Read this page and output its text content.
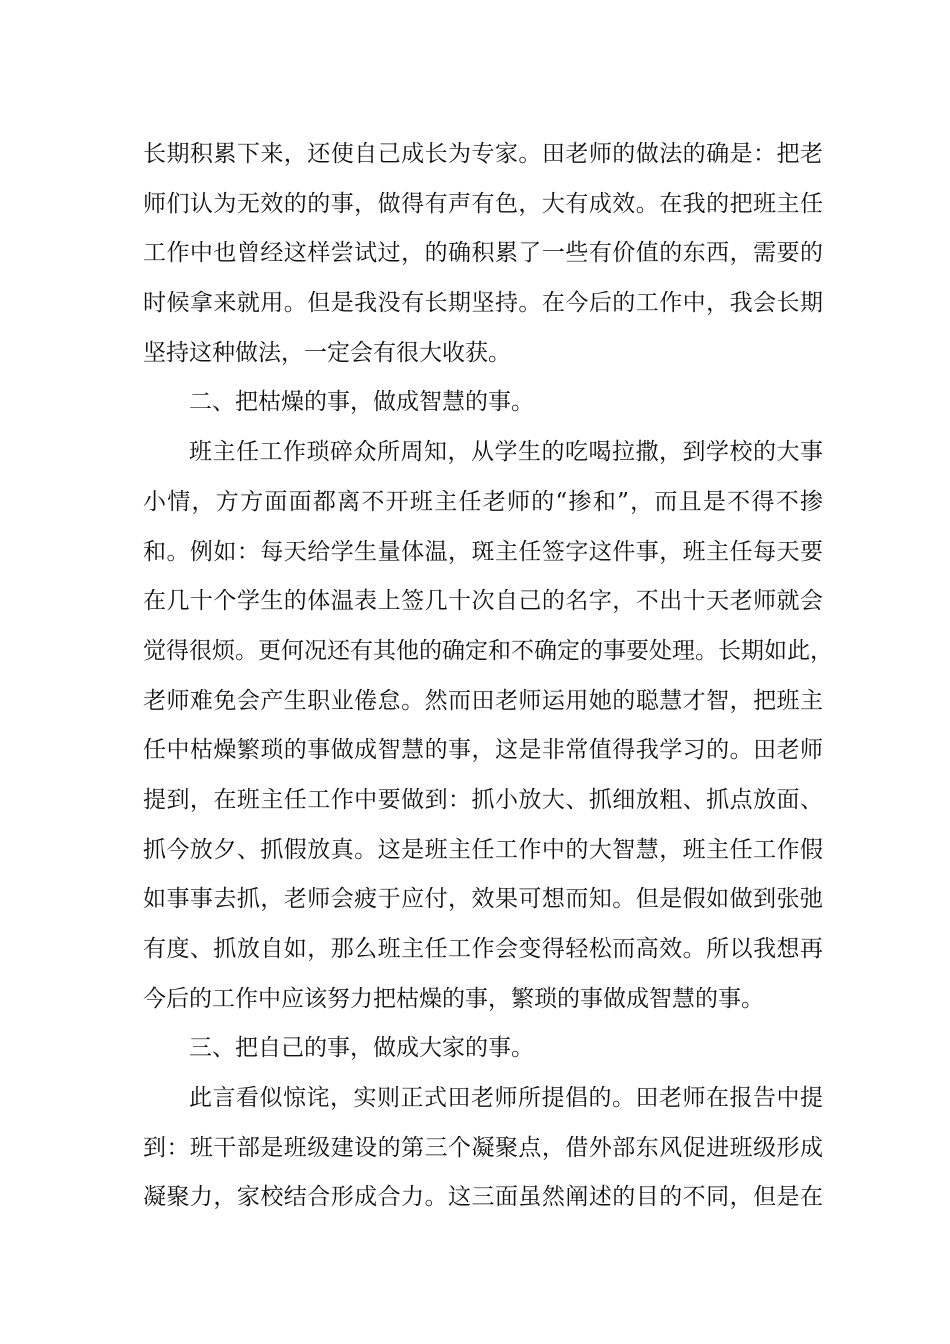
长期积累下来，还使自己成长为专家。田老师的做法的确是：把老
师们认为无效的的事，做得有声有色，大有成效。在我的把班主任
工作中也曾经这样尝试过，的确积累了一些有价值的东西，需要的
时候拿来就用。但是我没有长期坚持。在今后的工作中，我会长期
坚持这种做法，一定会有很大收获。
二、把枯燥的事，做成智慧的事。
班主任工作琐碎众所周知，从学生的吃喝拉撒，到学校的大事
小情，方方面面都离不开班主任老师的“掺和”，而且是不得不掺
和。例如：每天给学生量体温，斑主任签字这件事，班主任每天要
在几十个学生的体温表上签几十次自己的名字，不出十天老师就会
觉得很烦。更何况还有其他的确定和不确定的事要处理。长期如此，
老师难免会产生职业倦怠。然而田老师运用她的聪慧才智，把班主
任中枯燥繁琐的事做成智慧的事，这是非常值得我学习的。田老师
提到，在班主任工作中要做到：抓小放大、抓细放粗、抓点放面、
抓今放夕、抓假放真。这是班主任工作中的大智慧，班主任工作假
如事事去抓，老师会疲于应付，效果可想而知。但是假如做到张弛
有度、抓放自如，那么班主任工作会变得轻松而高效。所以我想再
今后的工作中应该努力把枯燥的事，繁琐的事做成智慧的事。
三、把自己的事，做成大家的事。
此言看似惊诧，实则正式田老师所提倡的。田老师在报告中提
到：班干部是班级建设的第三个凝聚点，借外部东风促进班级形成
凝聚力，家校结合形成合力。这三面虽然阐述的目的不同，但是在
